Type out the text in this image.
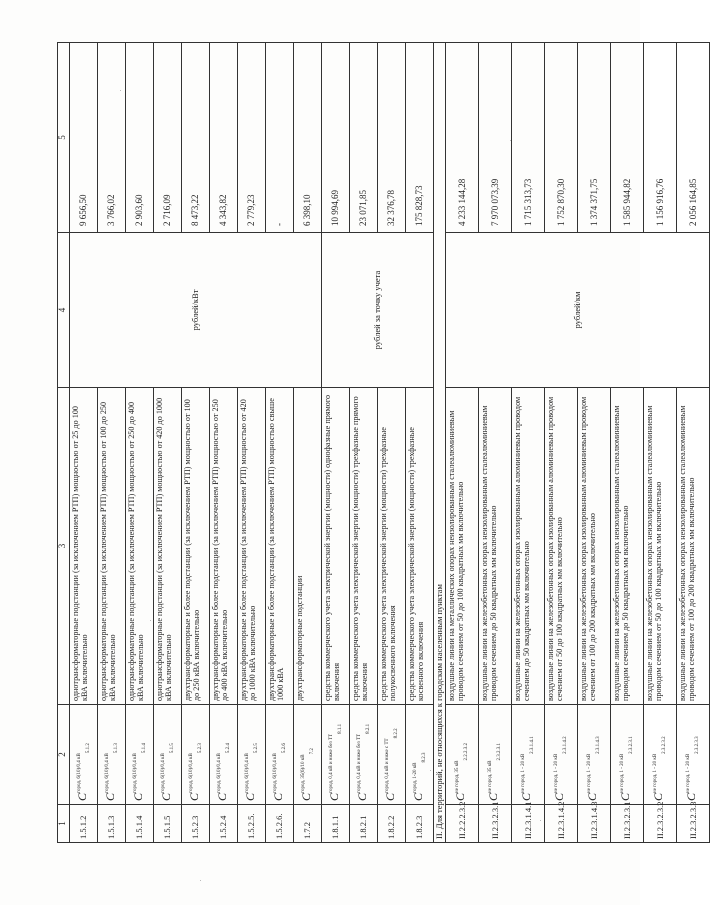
1	2	3	4	5
1.5.1.2	$C^{город, 6(10)/0,4 кВ}_{5.1.2}$	однотрансформаторные подстанции (за исключением РТП) мощностью от 25 до 100 кВА включительно	рублей/кВт	9 656,50
1.5.1.3	$C^{город, 6(10)/0,4 кВ}_{5.1.3}$	однотрансформаторные подстанции (за исключением РТП) мощностью от 100 до 250 кВА включительно		3 766,02
1.5.1.4	$C^{город, 6(10)/0,4 кВ}_{5.1.4}$	однотрансформаторные подстанции (за исключением РТП) мощностью от 250 до 400 кВА включительно		2 903,60
1.5.1.5	$C^{город, 6(10)/0,4 кВ}_{5.1.5}$	однотрансформаторные подстанции (за исключением РТП) мощностью от 420 до 1000 кВА включительно		2 716,09
1.5.2.3	$C^{город, 6(10)/0,4 кВ}_{5.2.3}$	двухтрансформаторные и более подстанции (за исключением РТП) мощностью от 100 до 250 кВА включительно		8 473,22
1.5.2.4	$C^{город, 6(10)/0,4 кВ}_{5.2.4}$	двухтрансформаторные и более подстанции (за исключением РТП) мощностью от 250 до 400 кВА включительно		4 343,82
1.5.2.5.	$C^{город, 6(10)/0,4 кВ}_{5.2.5}$	двухтрансформаторные и более подстанции (за исключением РТП) мощностью от 420 до 1000 кВА включительно		2 779,23
1.5.2.6.	$C^{город, 6(10)/0,4 кВ}_{5.2.6}$	двухтрансформаторные и более подстанции (за исключением РТП) мощностью свыше 1000 кВА		-
1.7.2	$C^{город, 35(6)/10 кВ}_{7.2}$	двухтрансформаторные подстанции		6 398,10
1.8.1.1	$C^{город, 0,4 кВ и ниже без ТТ}_{8.1.1}$	средства коммерческого учета электрической энергии (мощности) однофазные прямого включения	рублей за точку учета	10 994,69
1.8.2.1	$C^{город, 0,4 кВ и ниже без ТТ}_{8.2.1}$	средства коммерческого учета электрической энергии (мощности) трехфазные прямого включения		23 071,85
1.8.2.2	$C^{город, 0,4 кВ и ниже с ТТ}_{8.2.2}$	средства коммерческого учета электрической энергии (мощности) трехфазные полукосвенного включения		32 376,78
1.8.2.3	$C^{город, 1-20 кВ}_{8.2.3}$	средства коммерческого учета электрической энергии (мощности) трехфазные косвенного включения		175 828,73
II. Для территорий, не относящихся к городским населенным пунктам				
II.2.2.2.3.2	$C^{не город, 35 кВ}_{2.2.2.3.2}$	воздушные линии на металлических опорах неизолированным сталеалюминиевым проводом сечением от 50 до 100 квадратных мм включительно	рублей/км	4 233 144,28
II.2.3.2.3.1	$C^{не город, 35 кВ}_{2.3.2.3.1}$	воздушные линии на железобетонных опорах неизолированным сталеалюминиевым проводом сечением до 50 квадратных мм включительно		7 970 073,39
II.2.3.1.4.1	$C^{не город, 1 - 20 кВ}_{2.3.1.4.1}$	воздушные линии на железобетонных опорах изолированным алюминиевым проводом сечением до 50 квадратных мм включительно		1 715 313,73
II.2.3.1.4.2	$C^{не город, 1 - 20 кВ}_{2.3.1.4.2}$	воздушные линии на железобетонных опорах изолированным алюминиевым проводом сечением от 50 до 100 квадратных мм включительно		1 752 870,30
II.2.3.1.4.3	$C^{не город, 1 - 20 кВ}_{2.3.1.4.3}$	воздушные линии на железобетонных опорах изолированным алюминиевым проводом сечением от 100 до 200 квадратных мм включительно		1 374 371,75
II.2.3.2.3.1	$C^{не город, 1 - 20 кВ}_{2.3.2.3.1}$	воздушные линии на железобетонных опорах неизолированным сталеалюминиевым проводом сечением до 50 квадратных мм включительно		1 585 944,82
II.2.3.2.3.2	$C^{не город, 1 - 20 кВ}_{2.3.2.3.2}$	воздушные линии на железобетонных опорах неизолированным сталеалюминиевым проводом сечением от 50 до 100 квадратных мм включительно		1 156 916,76
II.2.3.2.3.3	$C^{не город, 1 - 20 кВ}_{2.3.2.3.3}$	воздушные линии на железобетонных опорах неизолированным сталеалюминиевым проводом сечением от 100 до 200 квадратных мм включительно		2 056 164,85
